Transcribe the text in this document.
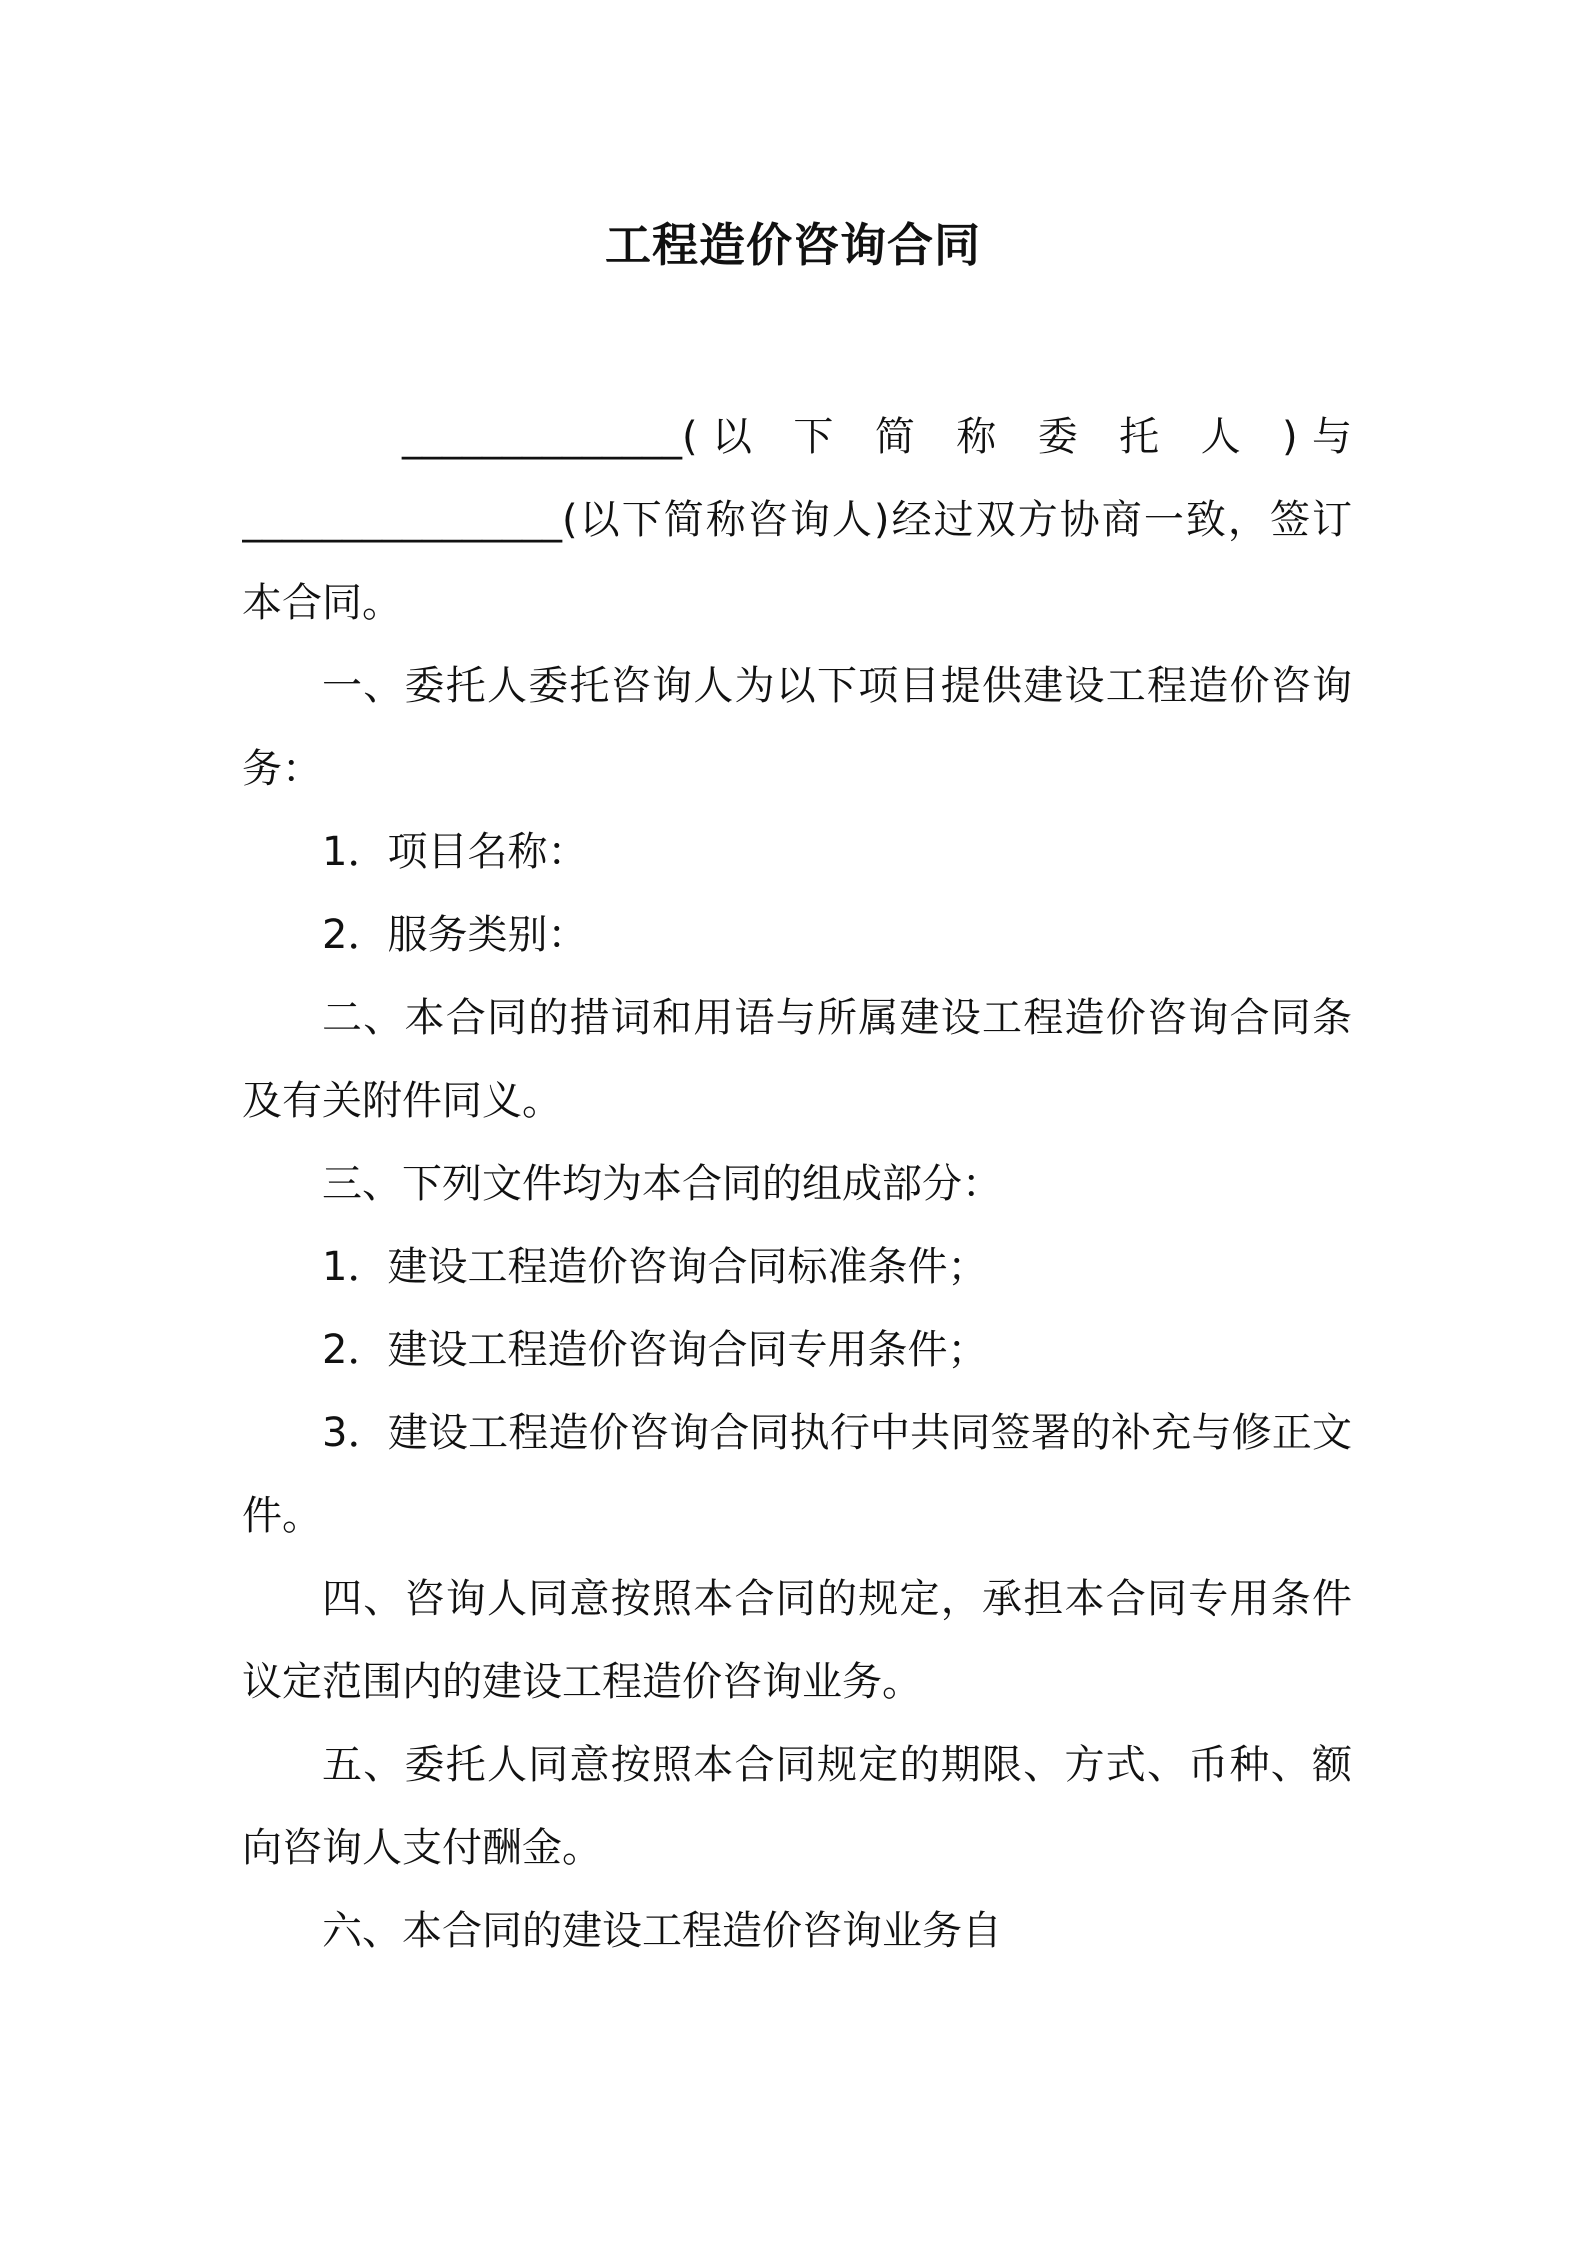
工程造价咨询合同
______________(以 下 简 称 委 托 人 )与
________________(以下简称咨询人)经过双方协商一致，签订
本合同。
一、委托人委托咨询人为以下项目提供建设工程造价咨询
务：
1．项目名称：
2．服务类别：
二、本合同的措词和用语与所属建设工程造价咨询合同条
及有关附件同义。
三、下列文件均为本合同的组成部分：
1．建设工程造价咨询合同标准条件；
2．建设工程造价咨询合同专用条件；
3．建设工程造价咨询合同执行中共同签署的补充与修正文
件。
四、咨询人同意按照本合同的规定，承担本合同专用条件
议定范围内的建设工程造价咨询业务。
五、委托人同意按照本合同规定的期限、方式、币种、额
向咨询人支付酬金。
六、本合同的建设工程造价咨询业务自
